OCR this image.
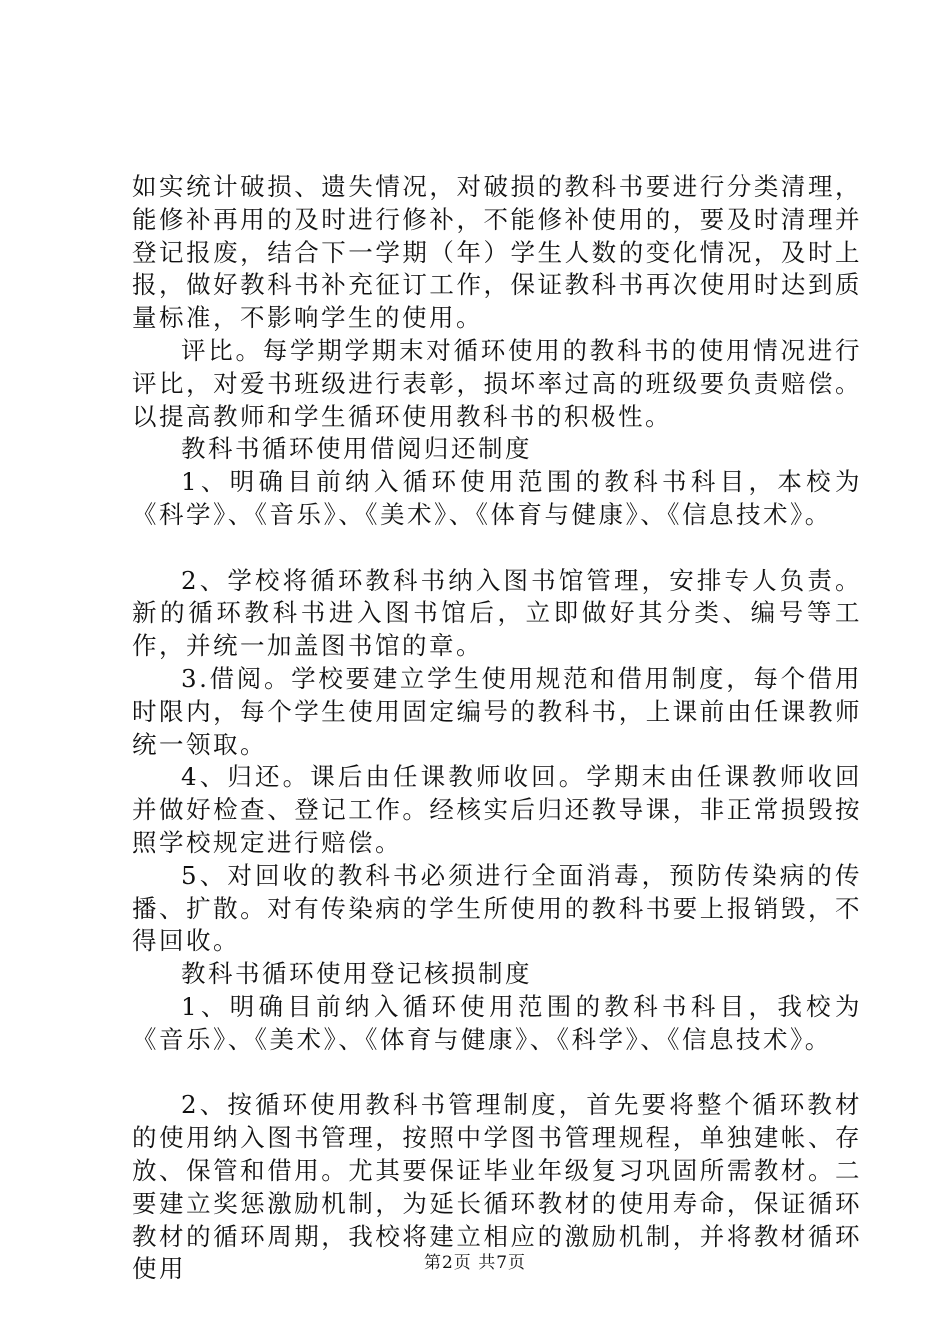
如实统计破损、遗失情况，对破损的教科书要进行分类清理，能修补再用的及时进行修补，不能修补使用的，要及时清理并登记报废，结合下一学期（年）学生人数的变化情况，及时上报，做好教科书补充征订工作，保证教科书再次使用时达到质量标准，不影响学生的使用。

评比。每学期学期末对循环使用的教科书的使用情况进行评比，对爱书班级进行表彰，损坏率过高的班级要负责赔偿。以提高教师和学生循环使用教科书的积极性。

教科书循环使用借阅归还制度

1、明确目前纳入循环使用范围的教科书科目，本校为《科学》、《音乐》、《美术》、《体育与健康》、《信息技术》。

2、学校将循环教科书纳入图书馆管理，安排专人负责。新的循环教科书进入图书馆后，立即做好其分类、编号等工作，并统一加盖图书馆的章。

3.借阅。学校要建立学生使用规范和借用制度，每个借用时限内，每个学生使用固定编号的教科书，上课前由任课教师统一领取。

4、归还。课后由任课教师收回。学期末由任课教师收回并做好检查、登记工作。经核实后归还教导课，非正常损毁按照学校规定进行赔偿。

5、对回收的教科书必须进行全面消毒，预防传染病的传播、扩散。对有传染病的学生所使用的教科书要上报销毁，不得回收。

教科书循环使用登记核损制度

1、明确目前纳入循环使用范围的教科书科目，我校为《音乐》、《美术》、《体育与健康》、《科学》、《信息技术》。

2、按循环使用教科书管理制度，首先要将整个循环教材的使用纳入图书管理，按照中学图书管理规程，单独建帐、存放、保管和借用。尤其要保证毕业年级复习巩固所需教材。二要建立奖惩激励机制，为延长循环教材的使用寿命，保证循环教材的循环周期，我校将建立相应的激励机制，并将教材循环使用	第2页 共7页
